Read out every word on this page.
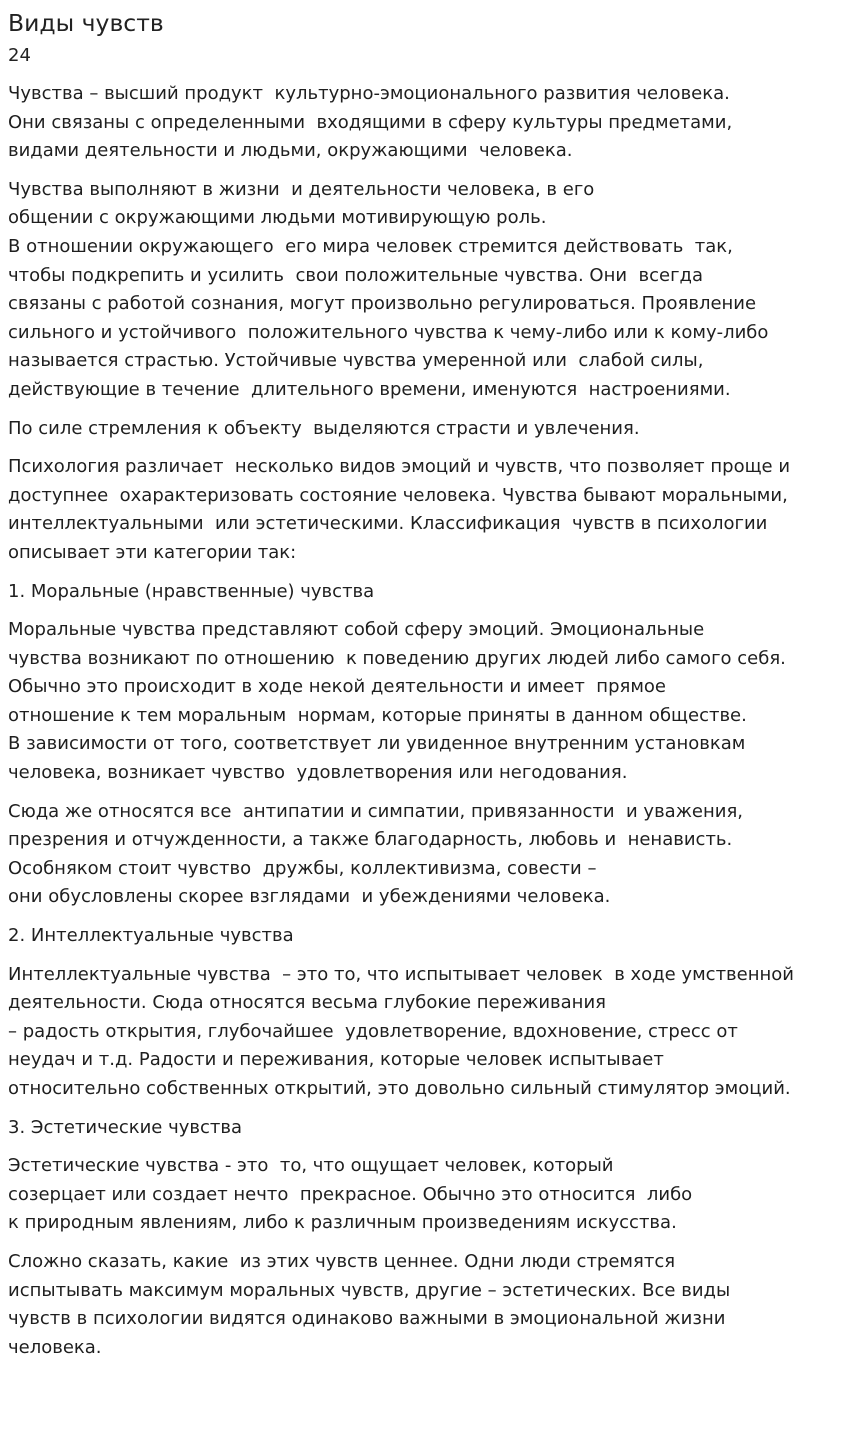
Виды чувств
24
Чувства – высший продукт  культурно-эмоционального развития человека.
Они связаны с определенными  входящими в сферу культуры предметами,
видами деятельности и людьми, окружающими  человека.
Чувства выполняют в жизни  и деятельности человека, в его
общении с окружающими людьми мотивирующую роль.
В отношении окружающего  его мира человек стремится действовать  так,
чтобы подкрепить и усилить  свои положительные чувства. Они  всегда
связаны с работой сознания, могут произвольно регулироваться. Проявление
сильного и устойчивого  положительного чувства к чему-либо или к кому-либо
называется страстью. Устойчивые чувства умеренной или  слабой силы,
действующие в течение  длительного времени, именуются  настроениями.
По силе стремления к объекту  выделяются страсти и увлечения.
Психология различает  несколько видов эмоций и чувств, что позволяет проще и
доступнее  охарактеризовать состояние человека. Чувства бывают моральными,
интеллектуальными  или эстетическими. Классификация  чувств в психологии
описывает эти категории так:
1. Моральные (нравственные) чувства
Моральные чувства представляют собой сферу эмоций. Эмоциональные
чувства возникают по отношению  к поведению других людей либо самого себя.
Обычно это происходит в ходе некой деятельности и имеет  прямое
отношение к тем моральным  нормам, которые приняты в данном обществе.
В зависимости от того, соответствует ли увиденное внутренним установкам
человека, возникает чувство  удовлетворения или негодования.
Сюда же относятся все  антипатии и симпатии, привязанности  и уважения,
презрения и отчужденности, а также благодарность, любовь и  ненависть.
Особняком стоит чувство  дружбы, коллективизма, совести –
они обусловлены скорее взглядами  и убеждениями человека.
2. Интеллектуальные чувства
Интеллектуальные чувства  – это то, что испытывает человек  в ходе умственной
деятельности. Сюда относятся весьма глубокие переживания
– радость открытия, глубочайшее  удовлетворение, вдохновение, стресс от
неудач и т.д. Радости и переживания, которые человек испытывает
относительно собственных открытий, это довольно сильный стимулятор эмоций.
3. Эстетические чувства
Эстетические чувства - это  то, что ощущает человек, который
созерцает или создает нечто  прекрасное. Обычно это относится  либо
к природным явлениям, либо к различным произведениям искусства.
Сложно сказать, какие  из этих чувств ценнее. Одни люди стремятся
испытывать максимум моральных чувств, другие – эстетических. Все виды
чувств в психологии видятся одинаково важными в эмоциональной жизни
человека.
